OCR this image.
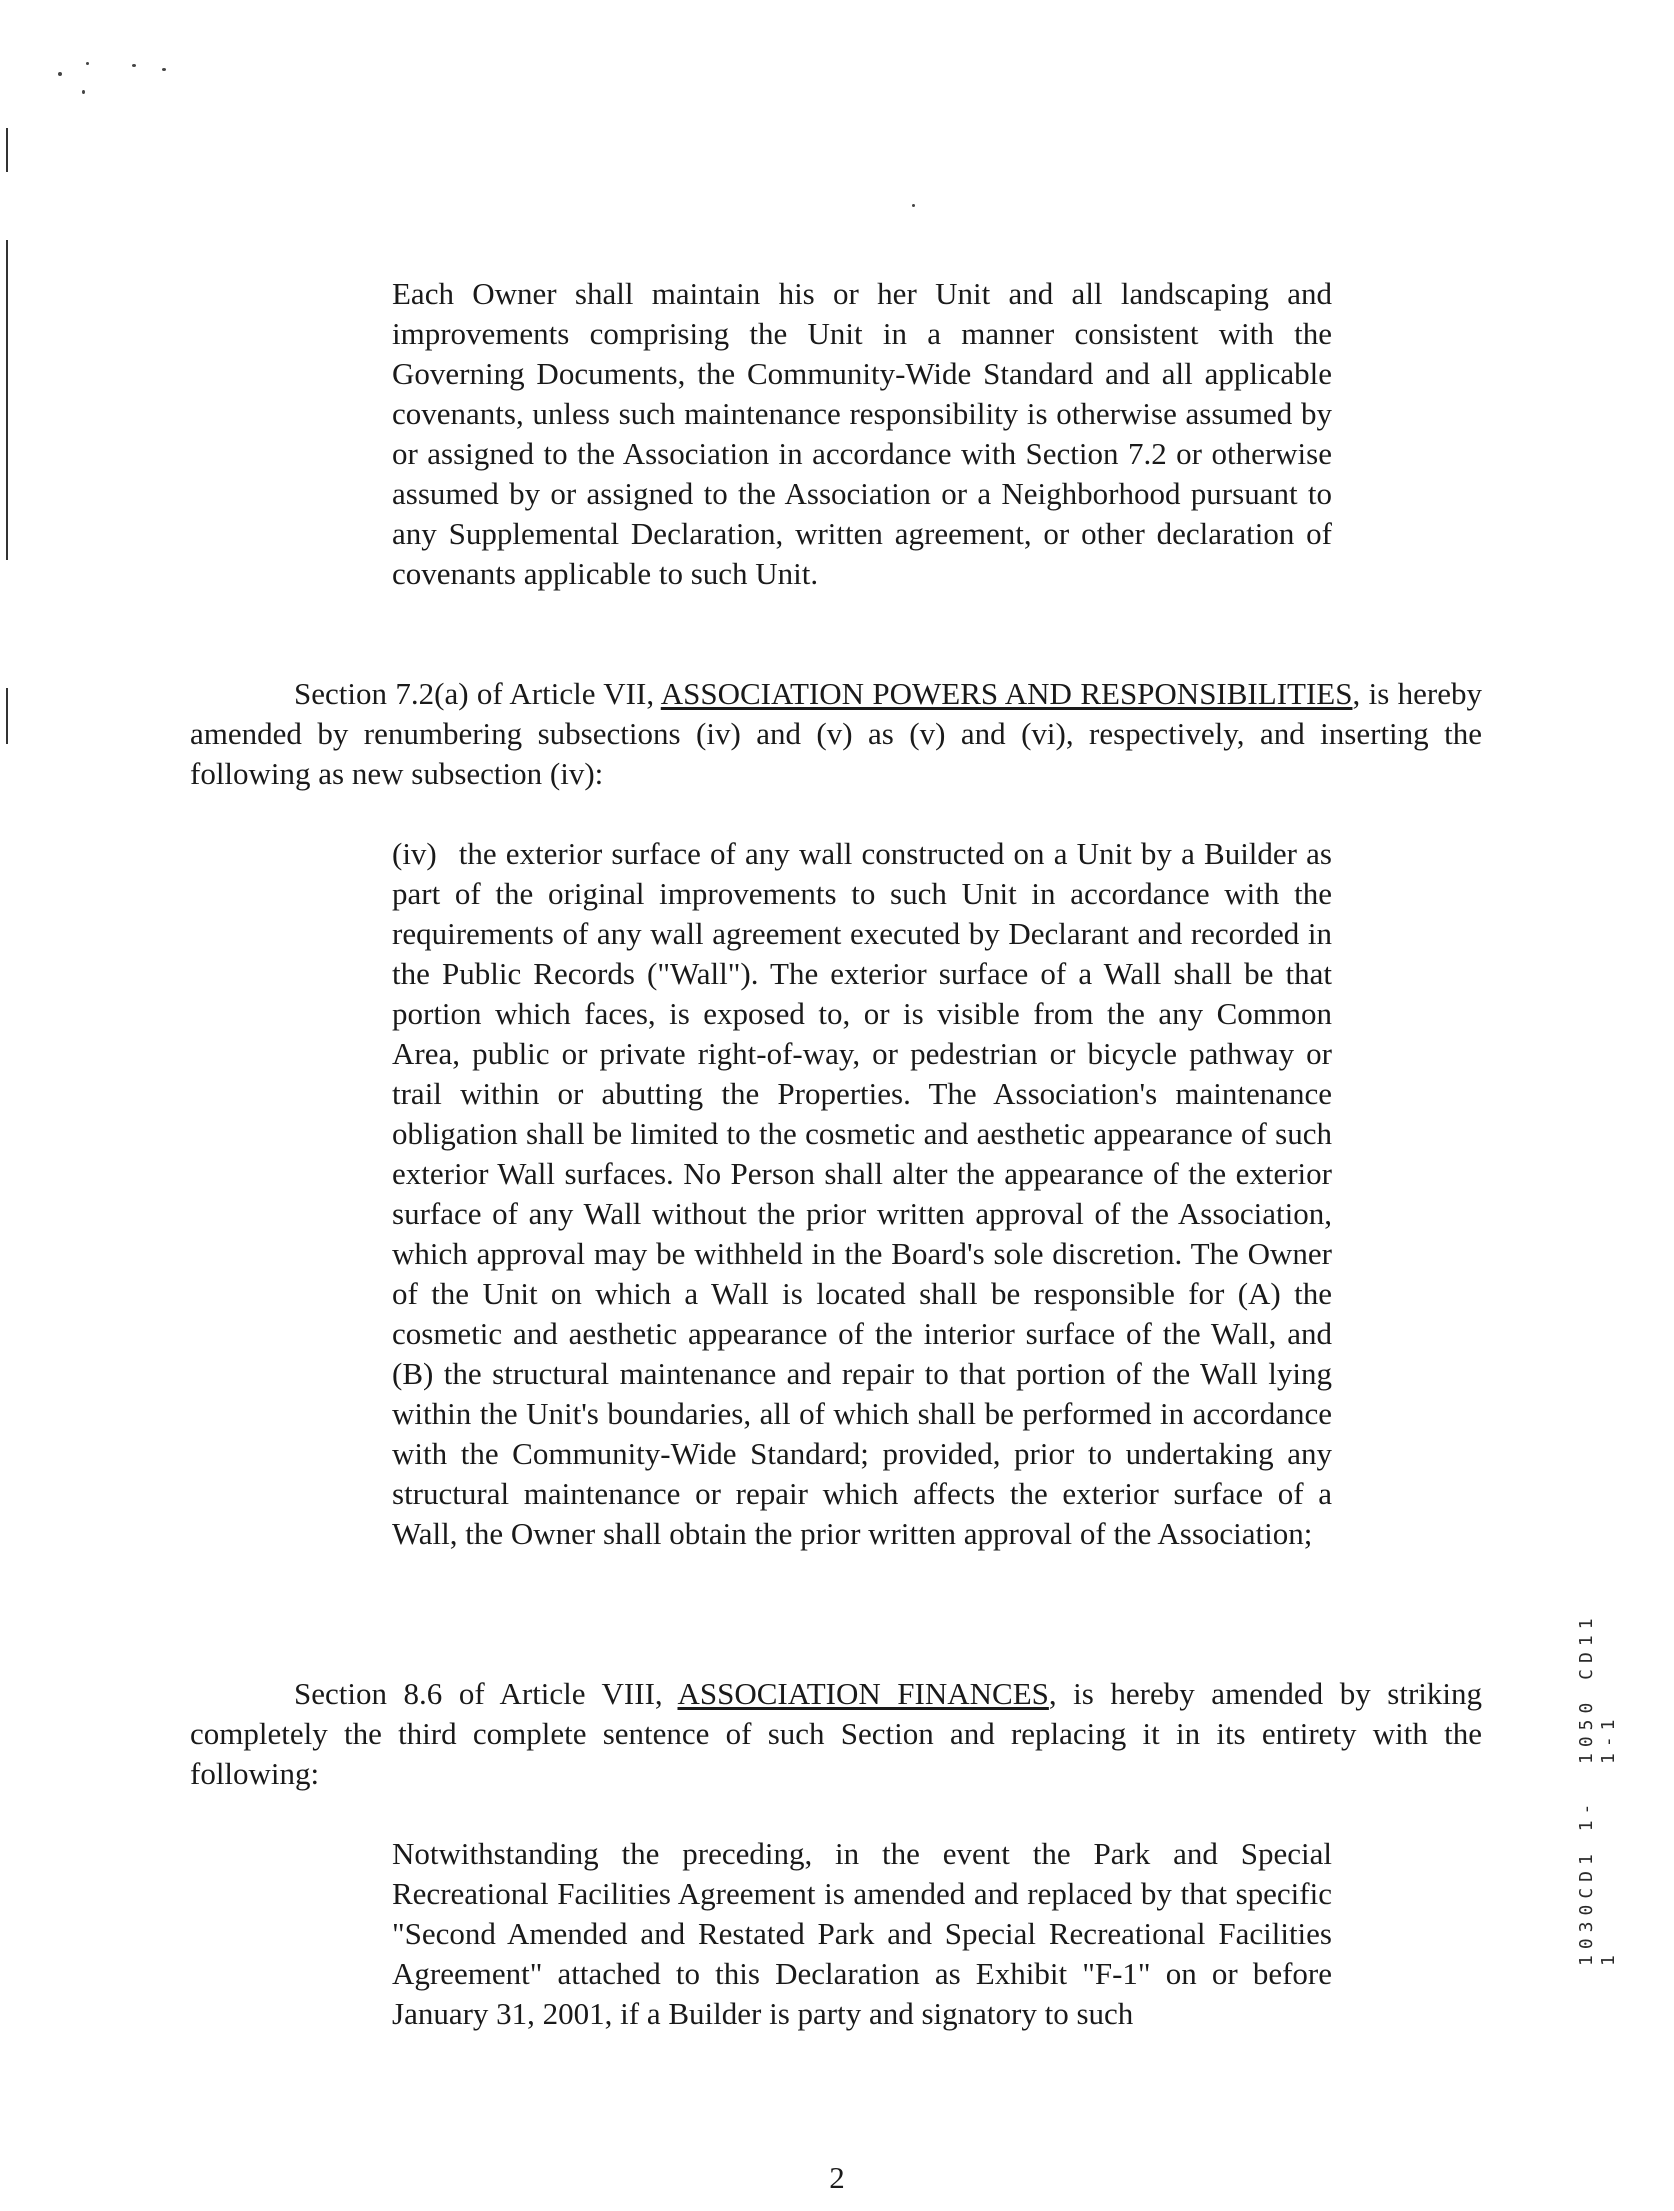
Each Owner shall maintain his or her Unit and all landscaping and improvements comprising the Unit in a manner consistent with the Governing Documents, the Community-Wide Standard and all applicable covenants, unless such maintenance responsibility is otherwise assumed by or assigned to the Association in accordance with Section 7.2 or otherwise assumed by or assigned to the Association or a Neighborhood pursuant to any Supplemental Declaration, written agreement, or other declaration of covenants applicable to such Unit.

Section 7.2(a) of Article VII, ASSOCIATION POWERS AND RESPONSIBILITIES, is hereby amended by renumbering subsections (iv) and (v) as (v) and (vi), respectively, and inserting the following as new subsection (iv):

(iv) the exterior surface of any wall constructed on a Unit by a Builder as part of the original improvements to such Unit in accordance with the requirements of any wall agreement executed by Declarant and recorded in the Public Records ("Wall"). The exterior surface of a Wall shall be that portion which faces, is exposed to, or is visible from the any Common Area, public or private right-of-way, or pedestrian or bicycle pathway or trail within or abutting the Properties. The Association's maintenance obligation shall be limited to the cosmetic and aesthetic appearance of such exterior Wall surfaces. No Person shall alter the appearance of the exterior surface of any Wall without the prior written approval of the Association, which approval may be withheld in the Board's sole discretion. The Owner of the Unit on which a Wall is located shall be responsible for (A) the cosmetic and aesthetic appearance of the interior surface of the Wall, and (B) the structural maintenance and repair to that portion of the Wall lying within the Unit's boundaries, all of which shall be performed in accordance with the Community-Wide Standard; provided, prior to undertaking any structural maintenance or repair which affects the exterior surface of a Wall, the Owner shall obtain the prior written approval of the Association;

Section 8.6 of Article VIII, ASSOCIATION FINANCES, is hereby amended by striking completely the third complete sentence of such Section and replacing it in its entirety with the following:

Notwithstanding the preceding, in the event the Park and Special Recreational Facilities Agreement is amended and replaced by that specific "Second Amended and Restated Park and Special Recreational Facilities Agreement" attached to this Declaration as Exhibit "F-1" on or before January 31, 2001, if a Builder is party and signatory to such

2

1050 CD11 1-1
1030CD1 1-1
